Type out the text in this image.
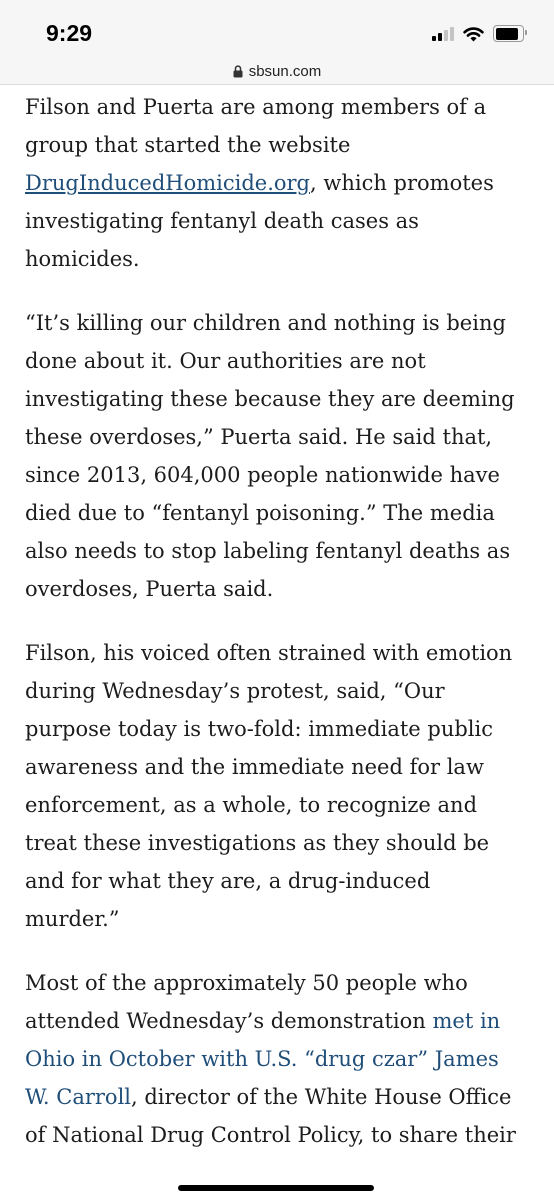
9:29
sbsun.com

Filson and Puerta are among members of a group that started the website DrugInducedHomicide.org, which promotes investigating fentanyl death cases as homicides.

“It’s killing our children and nothing is being done about it. Our authorities are not investigating these because they are deeming these overdoses,” Puerta said. He said that, since 2013, 604,000 people nationwide have died due to “fentanyl poisoning.” The media also needs to stop labeling fentanyl deaths as overdoses, Puerta said.

Filson, his voiced often strained with emotion during Wednesday’s protest, said, “Our purpose today is two-fold: immediate public awareness and the immediate need for law enforcement, as a whole, to recognize and treat these investigations as they should be and for what they are, a drug-induced murder.”

Most of the approximately 50 people who attended Wednesday’s demonstration met in Ohio in October with U.S. “drug czar” James W. Carroll, director of the White House Office of National Drug Control Policy, to share their
